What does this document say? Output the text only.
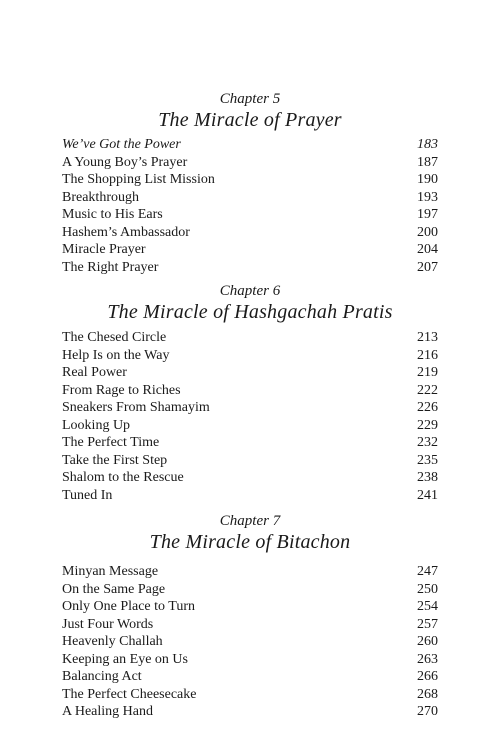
Chapter 5
The Miracle of Prayer
We’ve Got the Power	183
A Young Boy’s Prayer	187
The Shopping List Mission	190
Breakthrough	193
Music to His Ears	197
Hashem’s Ambassador	200
Miracle Prayer	204
The Right Prayer	207
Chapter 6
The Miracle of Hashgachah Pratis
The Chesed Circle	213
Help Is on the Way	216
Real Power	219
From Rage to Riches	222
Sneakers From Shamayim	226
Looking Up	229
The Perfect Time	232
Take the First Step	235
Shalom to the Rescue	238
Tuned In	241
Chapter 7
The Miracle of Bitachon
Minyan Message	247
On the Same Page	250
Only One Place to Turn	254
Just Four Words	257
Heavenly Challah	260
Keeping an Eye on Us	263
Balancing Act	266
The Perfect Cheesecake	268
A Healing Hand	270
